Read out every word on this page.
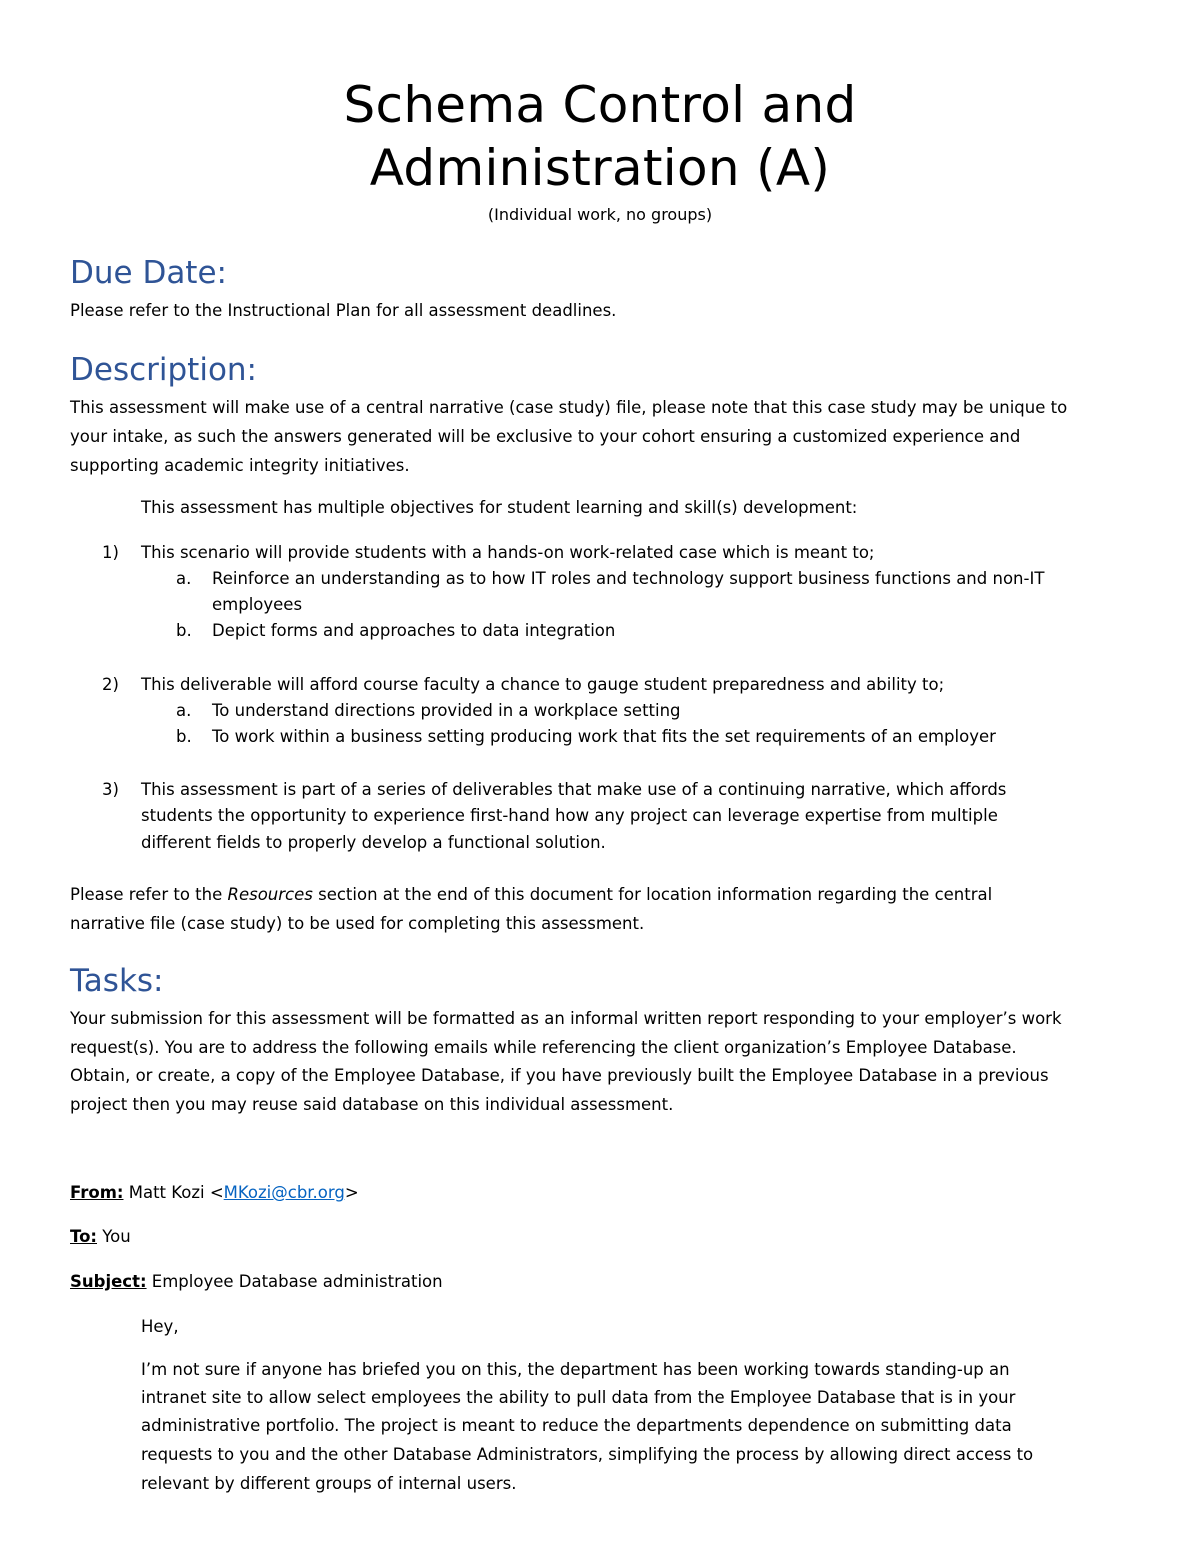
Schema Control and
Administration (A)
(Individual work, no groups)
Due Date:
Please refer to the Instructional Plan for all assessment deadlines.
Description:
This assessment will make use of a central narrative (case study) file, please note that this case study may be unique to
your intake, as such the answers generated will be exclusive to your cohort ensuring a customized experience and
supporting academic integrity initiatives.
This assessment has multiple objectives for student learning and skill(s) development:
1) This scenario will provide students with a hands-on work-related case which is meant to;
a. Reinforce an understanding as to how IT roles and technology support business functions and non-IT
employees
b. Depict forms and approaches to data integration
2) This deliverable will afford course faculty a chance to gauge student preparedness and ability to;
a. To understand directions provided in a workplace setting
b. To work within a business setting producing work that fits the set requirements of an employer
3) This assessment is part of a series of deliverables that make use of a continuing narrative, which affords
students the opportunity to experience first-hand how any project can leverage expertise from multiple
different fields to properly develop a functional solution.
Please refer to the Resources section at the end of this document for location information regarding the central
narrative file (case study) to be used for completing this assessment.
Tasks:
Your submission for this assessment will be formatted as an informal written report responding to your employer’s work
request(s). You are to address the following emails while referencing the client organization’s Employee Database.
Obtain, or create, a copy of the Employee Database, if you have previously built the Employee Database in a previous
project then you may reuse said database on this individual assessment.
From: Matt Kozi <MKozi@cbr.org>
To: You
Subject: Employee Database administration
Hey,
I’m not sure if anyone has briefed you on this, the department has been working towards standing-up an
intranet site to allow select employees the ability to pull data from the Employee Database that is in your
administrative portfolio. The project is meant to reduce the departments dependence on submitting data
requests to you and the other Database Administrators, simplifying the process by allowing direct access to
relevant by different groups of internal users.
